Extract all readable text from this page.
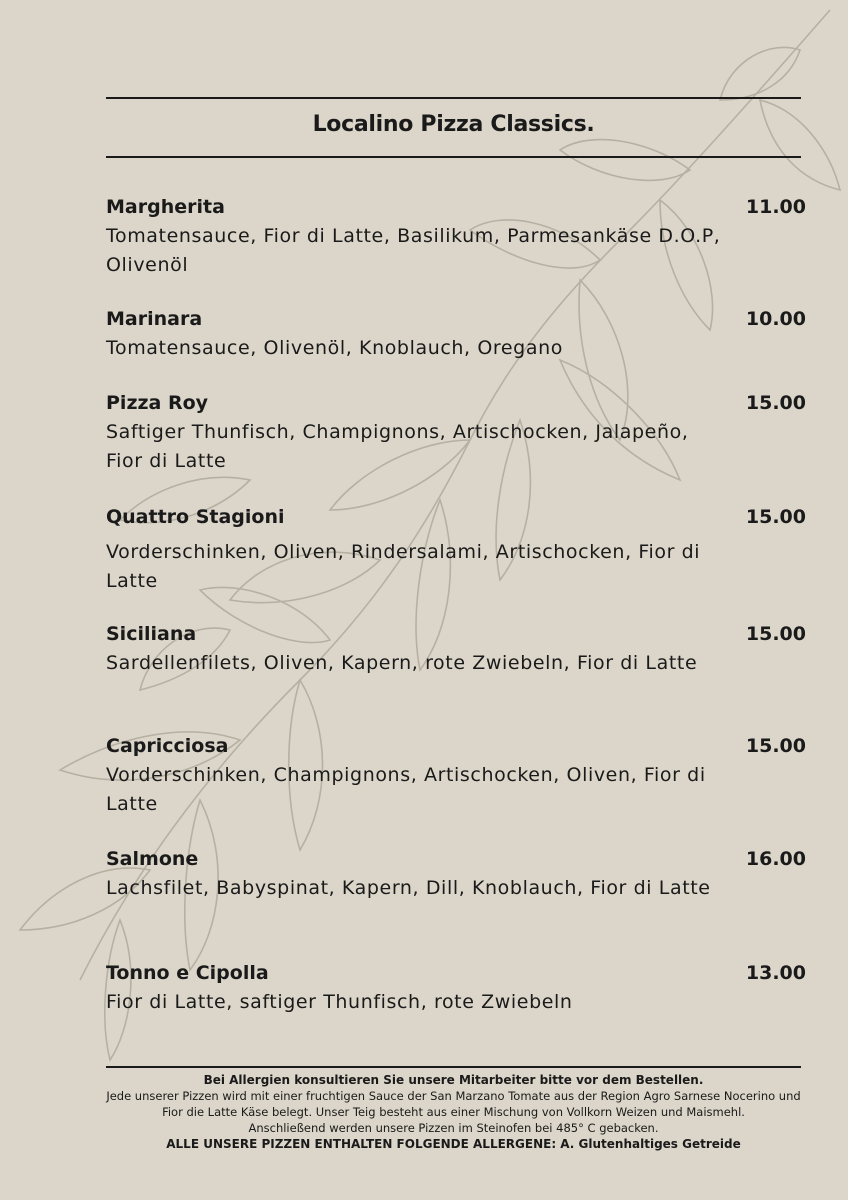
Localino Pizza Classics.
Margherita	11.00
Tomatensauce, Fior di Latte, Basilikum, Parmesankäse D.O.P, Olivenöl
Marinara	10.00
Tomatensauce, Olivenöl, Knoblauch, Oregano
Pizza Roy	15.00
Saftiger Thunfisch, Champignons, Artischocken, Jalapeño, Fior di Latte
Quattro Stagioni	15.00
Vorderschinken, Oliven, Rindersalami, Artischocken, Fior di Latte
Siciliana	15.00
Sardellenfilets, Oliven, Kapern, rote Zwiebeln, Fior di Latte
Capricciosa	15.00
Vorderschinken, Champignons, Artischocken, Oliven, Fior di Latte
Salmone	16.00
Lachsfilet, Babyspinat, Kapern, Dill, Knoblauch, Fior di Latte
Tonno e Cipolla	13.00
Fior di Latte, saftiger Thunfisch, rote Zwiebeln
Bei Allergien konsultieren Sie unsere Mitarbeiter bitte vor dem Bestellen.
Jede unserer Pizzen wird mit einer fruchtigen Sauce der San Marzano Tomate aus der Region Agro Sarnese Nocerino und Fior die Latte Käse belegt. Unser Teig besteht aus einer Mischung von Vollkorn Weizen und Maismehl.
Anschließend werden unsere Pizzen im Steinofen bei 485° C gebacken.
ALLE UNSERE PIZZEN ENTHALTEN FOLGENDE ALLERGENE: A. Glutenhaltiges Getreide
